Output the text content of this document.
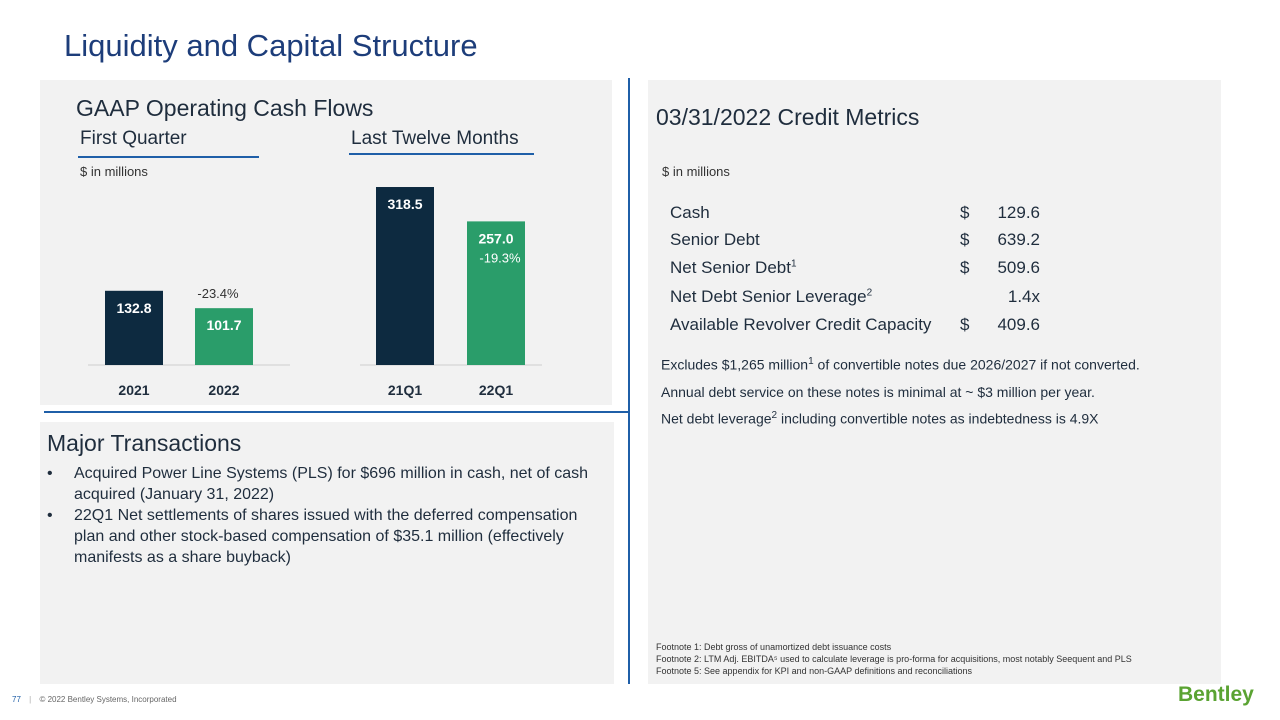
Liquidity and Capital Structure
GAAP Operating Cash Flows
First Quarter	Last Twelve Months
$ in millions
132.8
2021
101.7
2022
-23.4%
318.5
21Q1
257.0
22Q1
-19.3%
Major Transactions
• Acquired Power Line Systems (PLS) for $696 million in cash, net of cash acquired (January 31, 2022)
• 22Q1 Net settlements of shares issued with the deferred compensation plan and other stock-based compensation of $35.1 million (effectively manifests as a share buyback)
03/31/2022 Credit Metrics
$ in millions
Cash	$ 129.6
Senior Debt	$ 639.2
Net Senior Debt$^1$	$ 509.6
Net Debt Senior Leverage$^2$	1.4x
Available Revolver Credit Capacity $ 409.6
Excludes $1,265 million$^1$ of convertible notes due 2026/2027 if not converted.
Annual debt service on these notes is minimal at ~ $3 million per year.
Net debt leverage$^2$ including convertible notes as indebtedness is 4.9X
Footnote 1: Debt gross of unamortized debt issuance costs
Footnote 2: LTM Adj. EBITDA⁵ used to calculate leverage is pro-forma for acquisitions, most notably Seequent and PLS
Footnote 5: See appendix for KPI and non-GAAP definitions and reconciliations
77 | © 2022 Bentley Systems, Incorporated	Bentley
